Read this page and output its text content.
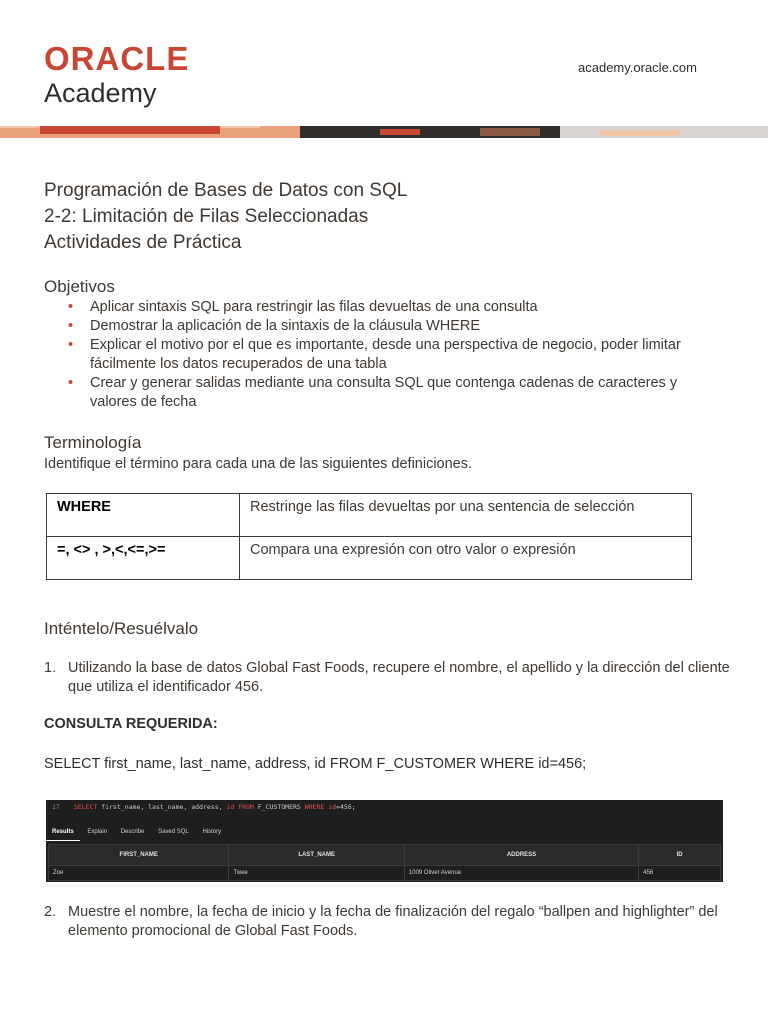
ORACLE
Academy
academy.oracle.com
Programación de Bases de Datos con SQL
2-2: Limitación de Filas Seleccionadas
Actividades de Práctica
Objetivos
• Aplicar sintaxis SQL para restringir las filas devueltas de una consulta
• Demostrar la aplicación de la sintaxis de la cláusula WHERE
• Explicar el motivo por el que es importante, desde una perspectiva de negocio, poder limitar fácilmente los datos recuperados de una tabla
• Crear y generar salidas mediante una consulta SQL que contenga cadenas de caracteres y valores de fecha
Terminología
Identifique el término para cada una de las siguientes definiciones.
WHERE	Restringe las filas devueltas por una sentencia de selección
=, <> , >,<,<=,>=	Compara una expresión con otro valor o expresión
Inténtelo/Resuélvalo
1. Utilizando la base de datos Global Fast Foods, recupere el nombre, el apellido y la dirección del cliente que utiliza el identificador 456.
CONSULTA REQUERIDA:
SELECT first_name, last_name, address, id FROM F_CUSTOMER WHERE id=456;
17 SELECT first_name, last_name, address, id FROM F_CUSTOMERS WHERE id=456;
Results Explain Describe Saved SQL History
FIRST_NAME	LAST_NAME	ADDRESS	ID
Zoe	Twee	1009 Oliver Avenue	456
2. Muestre el nombre, la fecha de inicio y la fecha de finalización del regalo “ballpen and highlighter” del elemento promocional de Global Fast Foods.
